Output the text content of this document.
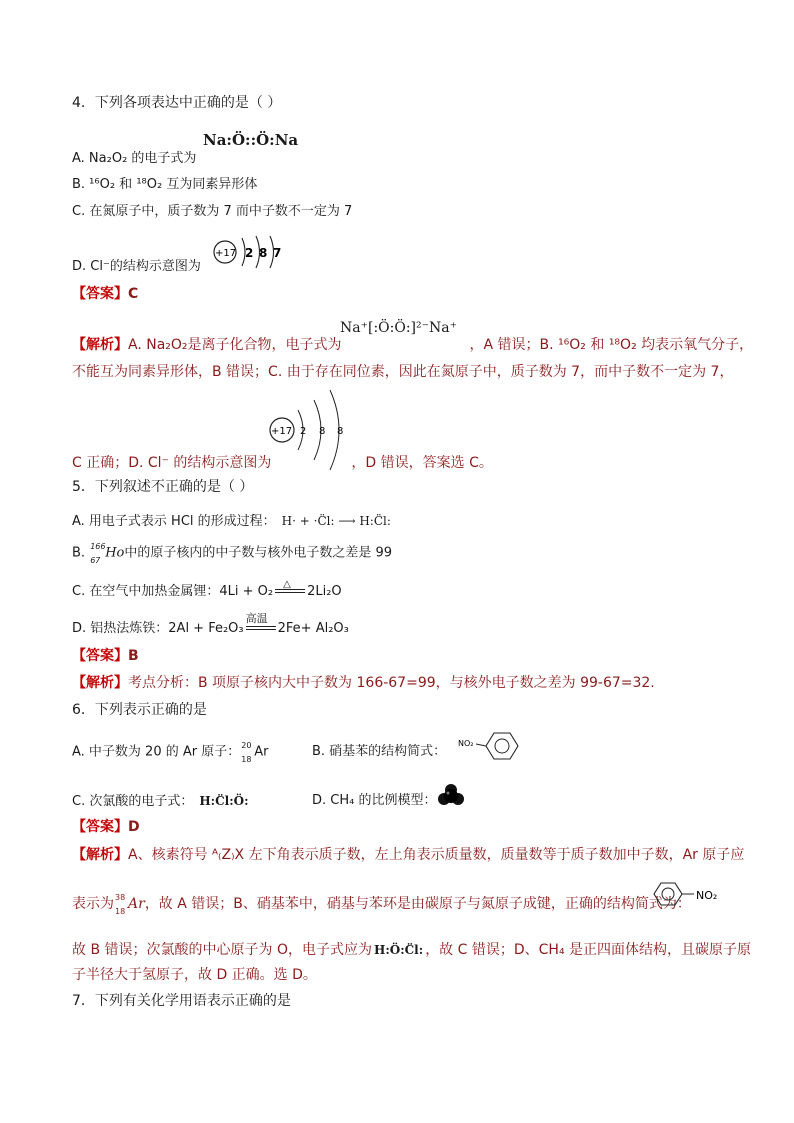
4．下列各项表达中正确的是（ ）
Na:Ö::Ö:Na
A. Na₂O₂ 的电子式为
B. ¹⁶O₂ 和 ¹⁸O₂ 互为同素异形体
C. 在氮原子中，质子数为 7 而中子数不一定为 7
+17 2 8 7
D. Cl⁻的结构示意图为
【答案】C
Na⁺[:Ö:Ö:]²⁻Na⁺
【解析】A. Na₂O₂是离子化合物，电子式为	，A 错误；B. ¹⁶O₂ 和 ¹⁸O₂ 均表示氧气分子，
不能互为同素异形体，B 错误；C. 由于存在同位素，因此在氮原子中，质子数为 7，而中子数不一定为 7，
+17 2 8 8
C 正确；D. Cl⁻ 的结构示意图为	，D 错误，答案选 C。
5．下列叙述不正确的是（ ）
A. 用电子式表示 HCl 的形成过程： H· + ·C̈l: ⟶ H:C̈l:
B. 166
67 Ho中的原子核内的中子数与核外电子数之差是 99
C. 在空气中加热金属锂：4Li + O₂ △ 2Li₂O
D. 铝热法炼铁：2Al + Fe₂O₃
高温
2Fe+ Al₂O₃
【答案】B
【解析】考点分析：B 项原子核内大中子数为 166-67=99，与核外电子数之差为 99-67=32.
6．下列表示正确的是
A. 中子数为 20 的 Ar 原子： 20
18 Ar	B. 硝基苯的结构简式：
NO₂
C. 次氯酸的电子式： H:C̈l:Ö:	D. CH₄ 的比例模型：
【答案】D
【解析】A、核素符号 ᴬ₍Z₎X 左下角表示质子数，左上角表示质量数，质量数等于质子数加中子数，Ar 原子应
表示为 38
18 Ar，故 A 错误；B、硝基苯中，硝基与苯环是由碳原子与氮原子成键，正确的结构简式为：
NO₂
故 B 错误；次氯酸的中心原子为 O，电子式应为 H:Ö:C̈l: ，故 C 错误；D、CH₄ 是正四面体结构，且碳原子原
子半径大于氢原子，故 D 正确。选 D。
7．下列有关化学用语表示正确的是
